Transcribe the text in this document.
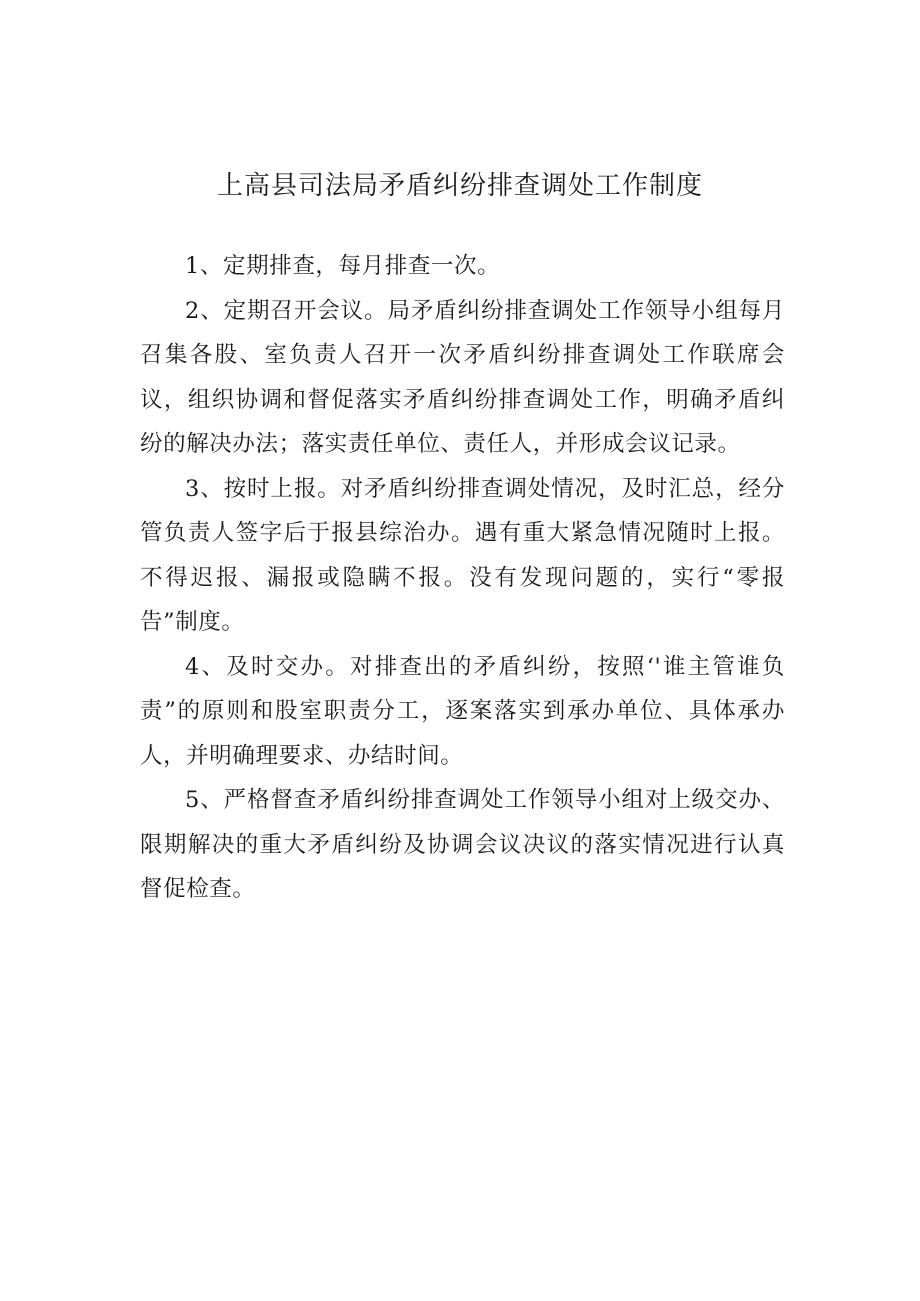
上高县司法局矛盾纠纷排查调处工作制度

1、定期排查，每月排查一次。

2、定期召开会议。局矛盾纠纷排查调处工作领导小组每月召集各股、室负责人召开一次矛盾纠纷排查调处工作联席会议，组织协调和督促落实矛盾纠纷排查调处工作，明确矛盾纠纷的解决办法；落实责任单位、责任人，并形成会议记录。

3、按时上报。对矛盾纠纷排查调处情况，及时汇总，经分管负责人签字后于报县综治办。遇有重大紧急情况随时上报。不得迟报、漏报或隐瞒不报。没有发现问题的，实行“零报告”制度。

4、及时交办。对排查出的矛盾纠纷，按照‘'谁主管谁负责”的原则和股室职责分工，逐案落实到承办单位、具体承办人，并明确理要求、办结时间。

5、严格督查矛盾纠纷排查调处工作领导小组对上级交办、限期解决的重大矛盾纠纷及协调会议决议的落实情况进行认真督促检查。
